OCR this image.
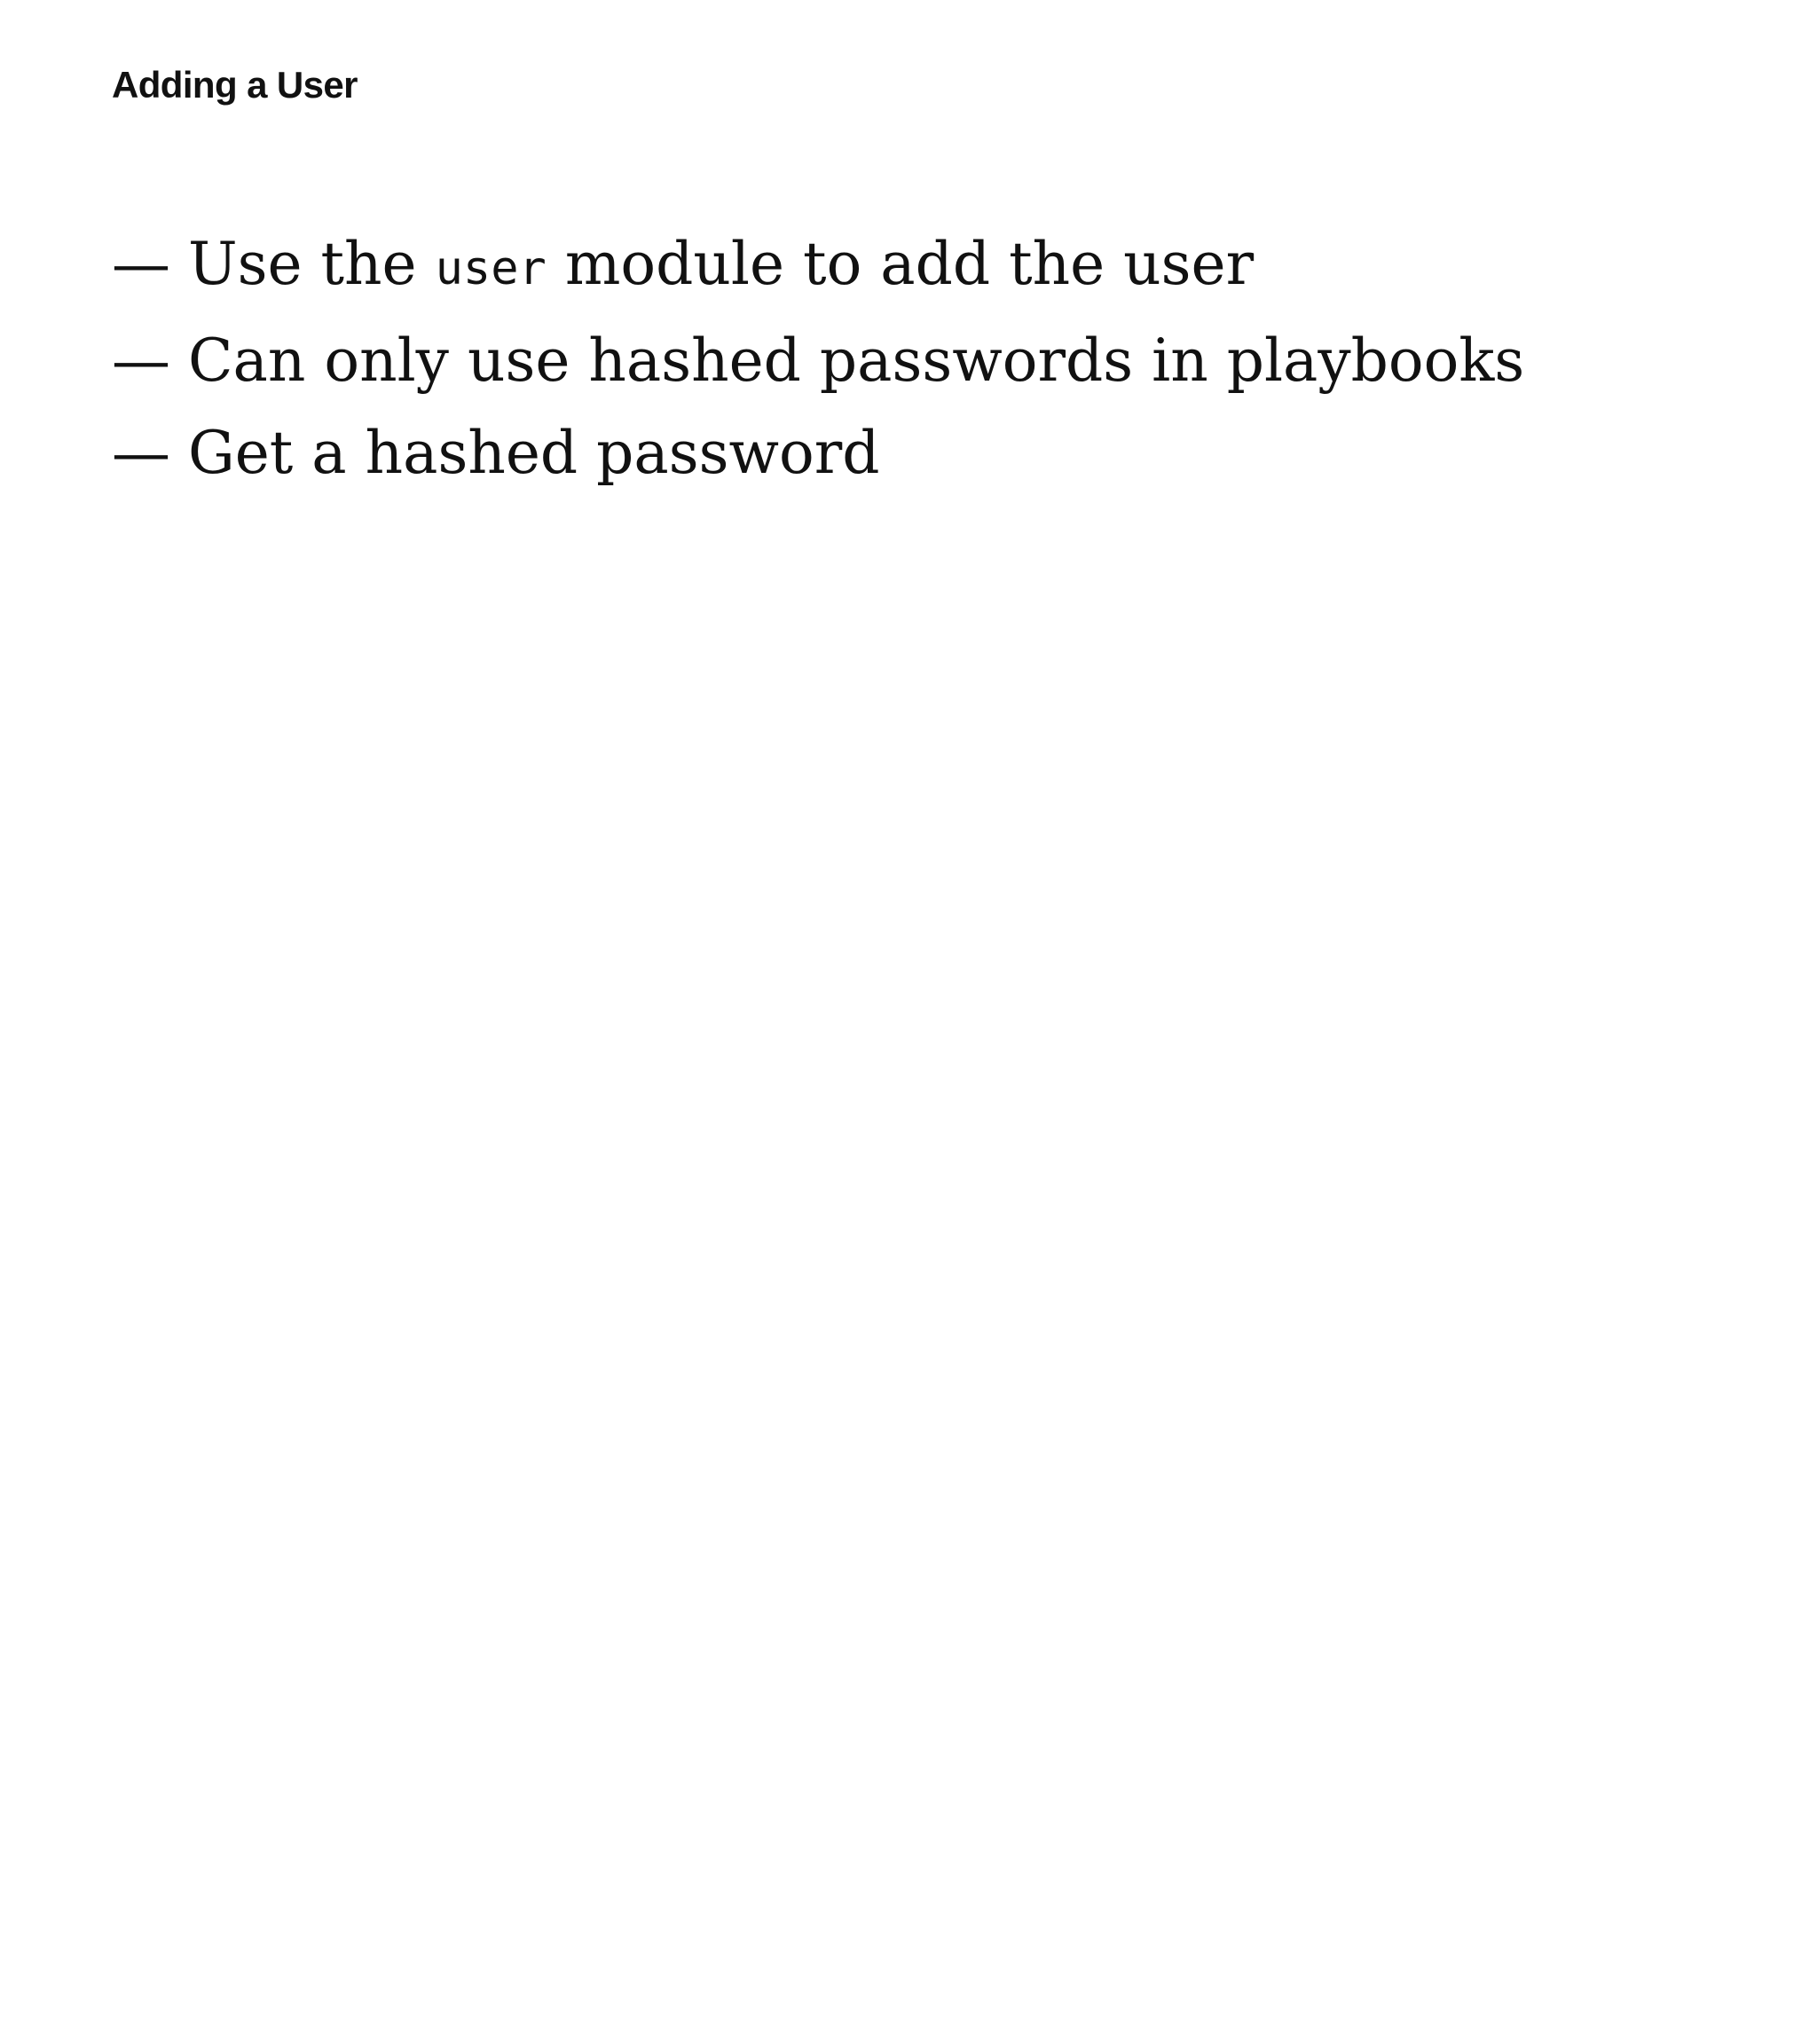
Adding a User
— Use the user module to add the user
— Can only use hashed passwords in playbooks
— Get a hashed password
